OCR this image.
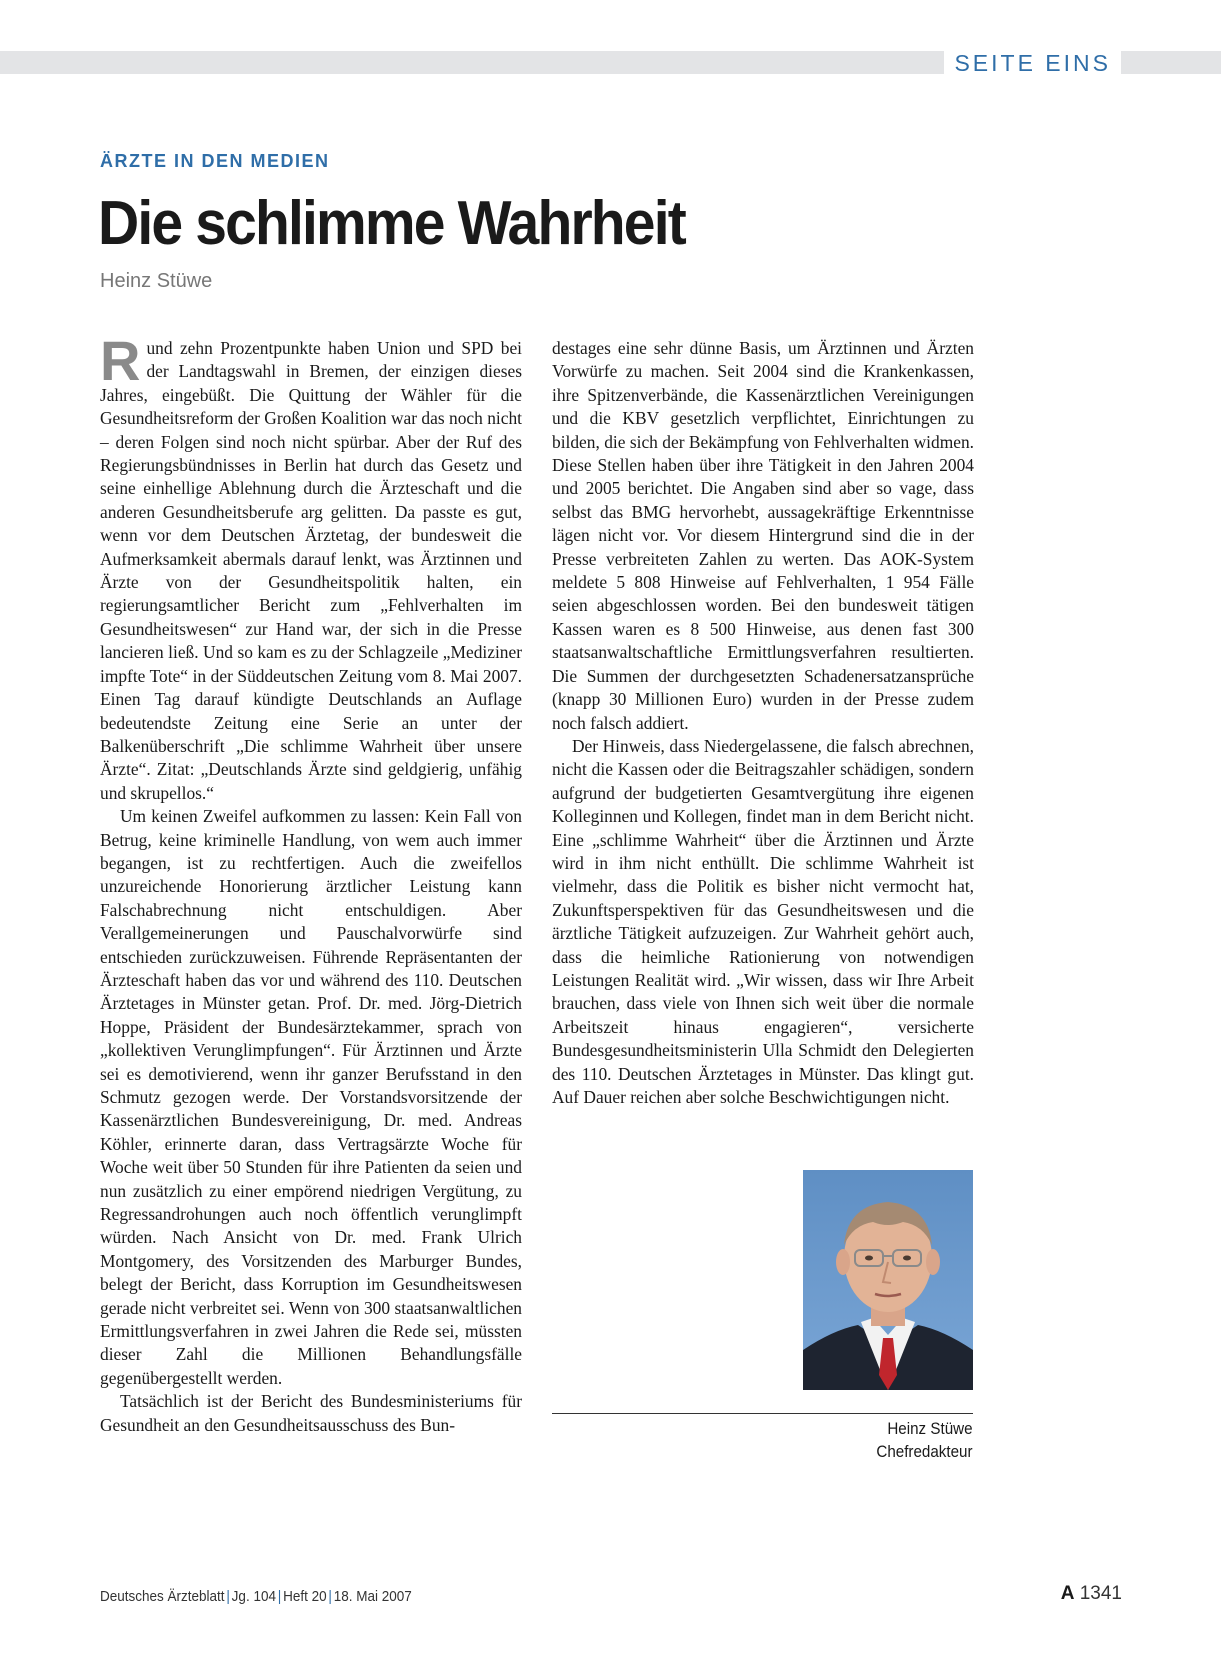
SEITE EINS
ÄRZTE IN DEN MEDIEN
Die schlimme Wahrheit
Heinz Stüwe

Rund zehn Prozentpunkte haben Union und SPD bei der Landtagswahl in Bremen, der einzigen dieses Jahres, eingebüßt. Die Quittung der Wähler für die Gesundheitsreform der Großen Koalition war das noch nicht – deren Folgen sind noch nicht spürbar. Aber der Ruf des Regierungsbündnisses in Berlin hat durch das Gesetz und seine einhellige Ablehnung durch die Ärzteschaft und die anderen Gesundheitsberufe arg gelitten. Da passte es gut, wenn vor dem Deutschen Ärztetag, der bundesweit die Aufmerksamkeit abermals darauf lenkt, was Ärztinnen und Ärzte von der Gesundheitspolitik halten, ein regierungsamtlicher Bericht zum „Fehlverhalten im Gesundheitswesen“ zur Hand war, der sich in die Presse lancieren ließ. Und so kam es zu der Schlagzeile „Mediziner impfte Tote“ in der Süddeutschen Zeitung vom 8. Mai 2007. Einen Tag darauf kündigte Deutschlands an Auflage bedeutendste Zeitung eine Serie an unter der Balkenüberschrift „Die schlimme Wahrheit über unsere Ärzte“. Zitat: „Deutschlands Ärzte sind geldgierig, unfähig und skrupellos.“

Um keinen Zweifel aufkommen zu lassen: Kein Fall von Betrug, keine kriminelle Handlung, von wem auch immer begangen, ist zu rechtfertigen. Auch die zweifellos unzureichende Honorierung ärztlicher Leistung kann Falschabrechnung nicht entschuldigen. Aber Verallgemeinerungen und Pauschalvorwürfe sind entschieden zurückzuweisen. Führende Repräsentanten der Ärzteschaft haben das vor und während des 110. Deutschen Ärztetages in Münster getan. Prof. Dr. med. Jörg-Dietrich Hoppe, Präsident der Bundesärztekammer, sprach von „kollektiven Verunglimpfungen“. Für Ärztinnen und Ärzte sei es demotivierend, wenn ihr ganzer Berufsstand in den Schmutz gezogen werde. Der Vorstandsvorsitzende der Kassenärztlichen Bundesvereinigung, Dr. med. Andreas Köhler, erinnerte daran, dass Vertragsärzte Woche für Woche weit über 50 Stunden für ihre Patienten da seien und nun zusätzlich zu einer empörend niedrigen Vergütung, zu Regressandrohungen auch noch öffentlich verunglimpft würden. Nach Ansicht von Dr. med. Frank Ulrich Montgomery, des Vorsitzenden des Marburger Bundes, belegt der Bericht, dass Korruption im Gesundheitswesen gerade nicht verbreitet sei. Wenn von 300 staatsanwaltlichen Ermittlungsverfahren in zwei Jahren die Rede sei, müssten dieser Zahl die Millionen Behandlungsfälle gegenübergestellt werden.

Tatsächlich ist der Bericht des Bundesministeriums für Gesundheit an den Gesundheitsausschuss des Bun-

destages eine sehr dünne Basis, um Ärztinnen und Ärzten Vorwürfe zu machen. Seit 2004 sind die Krankenkassen, ihre Spitzenverbände, die Kassenärztlichen Vereinigungen und die KBV gesetzlich verpflichtet, Einrichtungen zu bilden, die sich der Bekämpfung von Fehlverhalten widmen. Diese Stellen haben über ihre Tätigkeit in den Jahren 2004 und 2005 berichtet. Die Angaben sind aber so vage, dass selbst das BMG hervorhebt, aussagekräftige Erkenntnisse lägen nicht vor. Vor diesem Hintergrund sind die in der Presse verbreiteten Zahlen zu werten. Das AOK-System meldete 5 808 Hinweise auf Fehlverhalten, 1 954 Fälle seien abgeschlossen worden. Bei den bundesweit tätigen Kassen waren es 8 500 Hinweise, aus denen fast 300 staatsanwaltschaftliche Ermittlungsverfahren resultierten. Die Summen der durchgesetzten Schadenersatzansprüche (knapp 30 Millionen Euro) wurden in der Presse zudem noch falsch addiert.

Der Hinweis, dass Niedergelassene, die falsch abrechnen, nicht die Kassen oder die Beitragszahler schädigen, sondern aufgrund der budgetierten Gesamtvergütung ihre eigenen Kolleginnen und Kollegen, findet man in dem Bericht nicht. Eine „schlimme Wahrheit“ über die Ärztinnen und Ärzte wird in ihm nicht enthüllt. Die schlimme Wahrheit ist vielmehr, dass die Politik es bisher nicht vermocht hat, Zukunftsperspektiven für das Gesundheitswesen und die ärztliche Tätigkeit aufzuzeigen. Zur Wahrheit gehört auch, dass die heimliche Rationierung von notwendigen Leistungen Realität wird. „Wir wissen, dass wir Ihre Arbeit brauchen, dass viele von Ihnen sich weit über die normale Arbeitszeit hinaus engagieren“, versicherte Bundesgesundheitsministerin Ulla Schmidt den Delegierten des 110. Deutschen Ärztetages in Münster. Das klingt gut. Auf Dauer reichen aber solche Beschwichtigungen nicht.

Heinz Stüwe
Chefredakteur
Deutsches Ärzteblatt | Jg. 104 | Heft 20 | 18. Mai 2007	A 1341
